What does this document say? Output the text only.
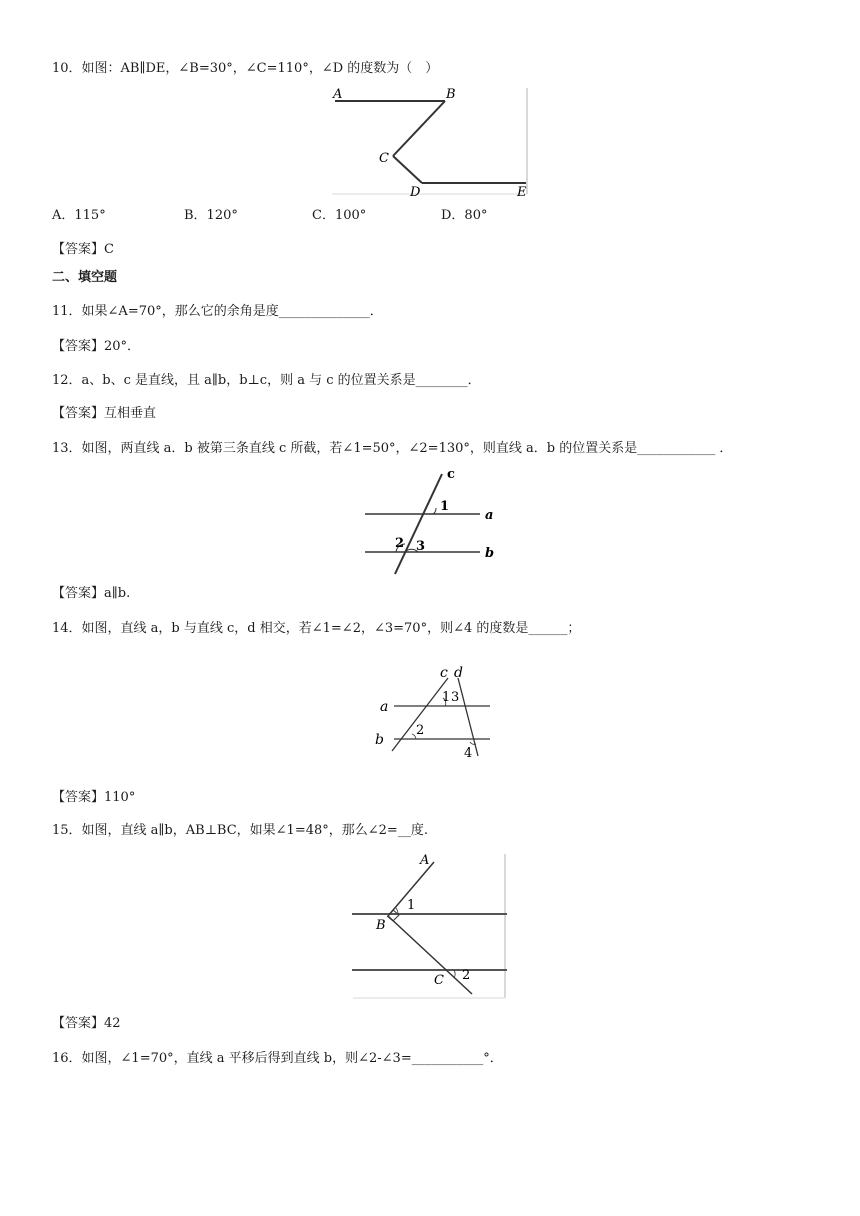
10．如图：AB∥DE，∠B=30°，∠C=110°，∠D 的度数为（　）
A	B
C
D	E
A．115°	B．120°	C．100°	D．80°
【答案】C
二、填空题
11．如果∠A=70°，那么它的余角是度______________．
【答案】20°．
12．a、b、c 是直线，且 a∥b，b⊥c，则 a 与 c 的位置关系是________．
【答案】互相垂直
13．如图，两直线 a．b 被第三条直线 c 所截，若∠1=50°，∠2=130°，则直线 a．b 的位置关系是____________ ．
c
1
a
2 3	b
【答案】a∥b.
14．如图，直线 a，b 与直线 c，d 相交，若∠1=∠2，∠3=70°，则∠4 的度数是______；
c d
1 3
a
2
b
4
【答案】110°
15．如图，直线 a∥b，AB⊥BC，如果∠1=48°，那么∠2=__度.
A
1
B
C 2
【答案】42
16．如图，∠1=70°，直线 a 平移后得到直线 b，则∠2-∠3=___________°．
